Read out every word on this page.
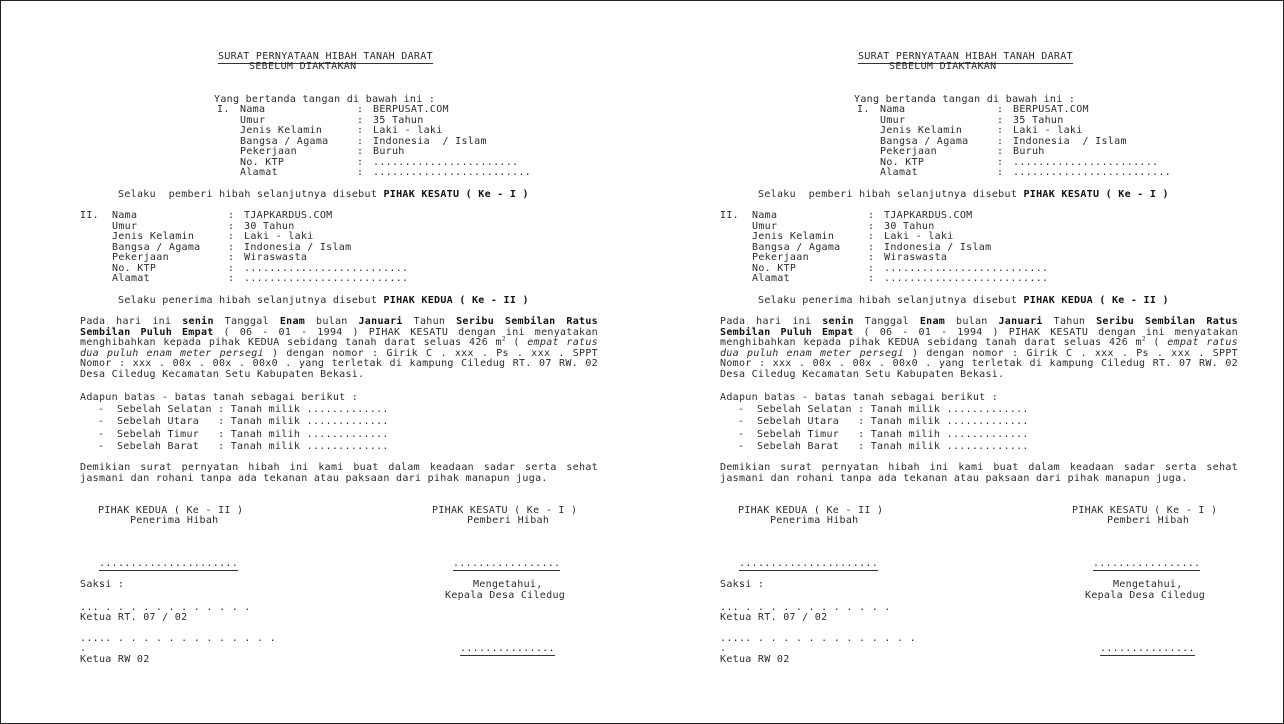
SURAT PERNYATAAN HIBAH TANAH DARAT
SEBELUM DIAKTAKAN
Yang bertanda tangan di bawah ini :
I. Nama	: BERPUSAT.COM
Umur	: 35 Tahun
Jenis Kelamin	: Laki - laki
Bangsa / Agama	: Indonesia  / Islam
Pekerjaan	: Buruh
No. KTP	: .......................
Alamat	: .........................
Selaku  pemberi hibah selanjutnya disebut PIHAK KESATU ( Ke - I )
II. Nama	: TJAPKARDUS.COM
Umur	: 30 Tahun
Jenis Kelamin	: Laki - laki
Bangsa / Agama	: Indonesia / Islam
Pekerjaan	: Wiraswasta
No. KTP	: ..........................
Alamat	: ..........................
Selaku penerima hibah selanjutnya disebut PIHAK KEDUA ( Ke - II )
Pada hari ini senin Tanggal Enam bulan Januari Tahun Seribu Sembilan Ratus Sembilan Puluh Empat ( 06 - 01 - 1994 ) PIHAK KESATU dengan ini menyatakan menghibahkan kepada pihak KEDUA sebidang tanah darat seluas 426 $m^2$ ( empat ratus dua puluh enam meter persegi ) dengan nomor : Girik C . xxx . Ps . xxx . SPPT Nomor : xxx . 00x . 00x . 00x0 . yang terletak di kampung Ciledug RT. 07 RW. 02 Desa Ciledug Kecamatan Setu Kabupaten Bekasi.
Adapun batas - batas tanah sebagai berikut :
-  Sebelah Selatan : Tanah milik .............
-  Sebelah Utara   : Tanah milik .............
-  Sebelah Timur   : Tanah milih .............
-  Sebelah Barat   : Tanah milik .............
Demikian surat pernyatan hibah ini kami buat dalam keadaan sadar serta sehat jasmani dan rohani tanpa ada tekanan atau paksaan dari pihak manapun juga.
PIHAK KEDUA ( Ke - II )
Penerima Hibah
PIHAK KESATU ( Ke - I )
Pemberi Hibah
......................	.................
Saksi :	Mengetahui,
Kepala Desa Ciledug
... . . . . . . . . . . . .
Ketua RT. 07 / 02
..... . . . . . . . . . . . . .
.
Ketua RW 02
...............
SURAT PERNYATAAN HIBAH TANAH DARAT
SEBELUM DIAKTAKAN
Yang bertanda tangan di bawah ini :
I. Nama	: BERPUSAT.COM
Umur	: 35 Tahun
Jenis Kelamin	: Laki - laki
Bangsa / Agama	: Indonesia  / Islam
Pekerjaan	: Buruh
No. KTP	: .......................
Alamat	: .........................
Selaku  pemberi hibah selanjutnya disebut PIHAK KESATU ( Ke - I )
II. Nama	: TJAPKARDUS.COM
Umur	: 30 Tahun
Jenis Kelamin	: Laki - laki
Bangsa / Agama	: Indonesia / Islam
Pekerjaan	: Wiraswasta
No. KTP	: ..........................
Alamat	: ..........................
Selaku penerima hibah selanjutnya disebut PIHAK KEDUA ( Ke - II )
Pada hari ini senin Tanggal Enam bulan Januari Tahun Seribu Sembilan Ratus Sembilan Puluh Empat ( 06 - 01 - 1994 ) PIHAK KESATU dengan ini menyatakan menghibahkan kepada pihak KEDUA sebidang tanah darat seluas 426 $m^2$ ( empat ratus dua puluh enam meter persegi ) dengan nomor : Girik C . xxx . Ps . xxx . SPPT Nomor : xxx . 00x . 00x . 00x0 . yang terletak di kampung Ciledug RT. 07 RW. 02 Desa Ciledug Kecamatan Setu Kabupaten Bekasi.
Adapun batas - batas tanah sebagai berikut :
-  Sebelah Selatan : Tanah milik .............
-  Sebelah Utara   : Tanah milik .............
-  Sebelah Timur   : Tanah milih .............
-  Sebelah Barat   : Tanah milik .............
Demikian surat pernyatan hibah ini kami buat dalam keadaan sadar serta sehat jasmani dan rohani tanpa ada tekanan atau paksaan dari pihak manapun juga.
PIHAK KEDUA ( Ke - II )
Penerima Hibah
PIHAK KESATU ( Ke - I )
Pemberi Hibah
......................	.................
Saksi :	Mengetahui,
Kepala Desa Ciledug
... . . . . . . . . . . . .
Ketua RT. 07 / 02
..... . . . . . . . . . . . . .
.
Ketua RW 02
...............
